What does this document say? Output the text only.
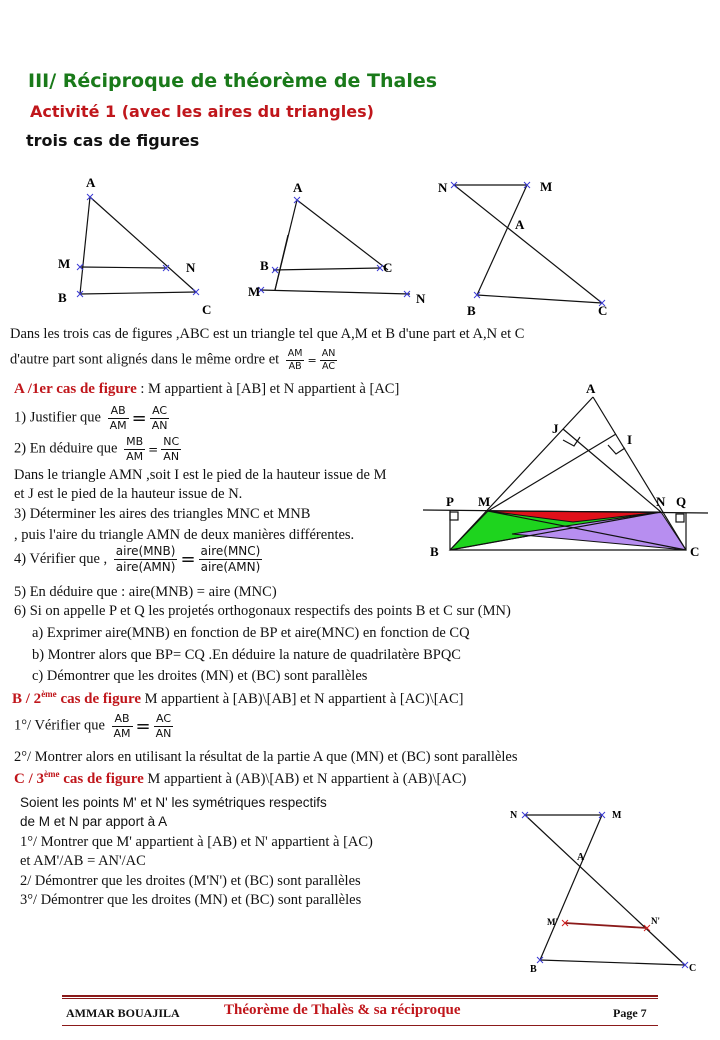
III/ Réciproque de théorème de Thales
Activité 1 (avec les aires du triangles)
trois cas de figures
A
M	N
B
C
A
B	C
M	N
N	M
A
B	C
Dans les trois cas de figures ,ABC est un triangle tel que A,M et B d'une part et A,N et C
d'autre part sont alignés dans le même ordre et $\frac{AM}{AB} = \frac{AN}{AC}$
A /1er cas de figure : M appartient à [AB] et N appartient à [AC]
1) Justifier que $\frac{AB}{AM} = \frac{AC}{AN}$
2) En déduire que $\frac{MB}{AM} = \frac{NC}{AN}$
Dans le triangle AMN ,soit I est le pied de la hauteur issue de M
et J est le pied de la hauteur issue de N.
3) Déterminer les aires des triangles MNC et MNB
, puis l'aire du triangle AMN de deux manières différentes.
4) Vérifier que , $\frac{\text{aire(MNB)}}{\text{aire(AMN)}} = \frac{\text{aire(MNC)}}{\text{aire(AMN)}}$
5) En déduire que : aire(MNB) = aire (MNC)
6) Si on appelle P et Q les projetés orthogonaux respectifs des points B et C sur (MN)
a) Exprimer aire(MNB) en fonction de BP et aire(MNC) en fonction de CQ
b) Montrer alors que BP= CQ .En déduire la nature de quadrilatère BPQC
c) Démontrer que les droites (MN) et (BC) sont parallèles
A
J
I
P M	N Q
B	C
B / 2ème cas de figure M appartient à [AB)\[AB] et N appartient à [AC)\[AC]
1°/ Vérifier que $\frac{AB}{AM} = \frac{AC}{AN}$
2°/ Montrer alors en utilisant la résultat de la partie A que (MN) et (BC) sont parallèles
C / 3ème cas de figure M appartient à (AB)\[AB) et N appartient à (AB)\[AC)
Soient les points M' et N' les symétriques respectifs
de M et N par apport à A
1°/ Montrer que M' appartient à [AB) et N' appartient à [AC)
et AM'/AB = AN'/AC
2/ Démontrer que les droites (M'N') et (BC) sont parallèles
3°/ Démontrer que les droites (MN) et (BC) sont parallèles
N	M
A
M'	N'
B	C
AMMAR BOUAJILA	Théorème de Thalès & sa réciproque	Page 7
